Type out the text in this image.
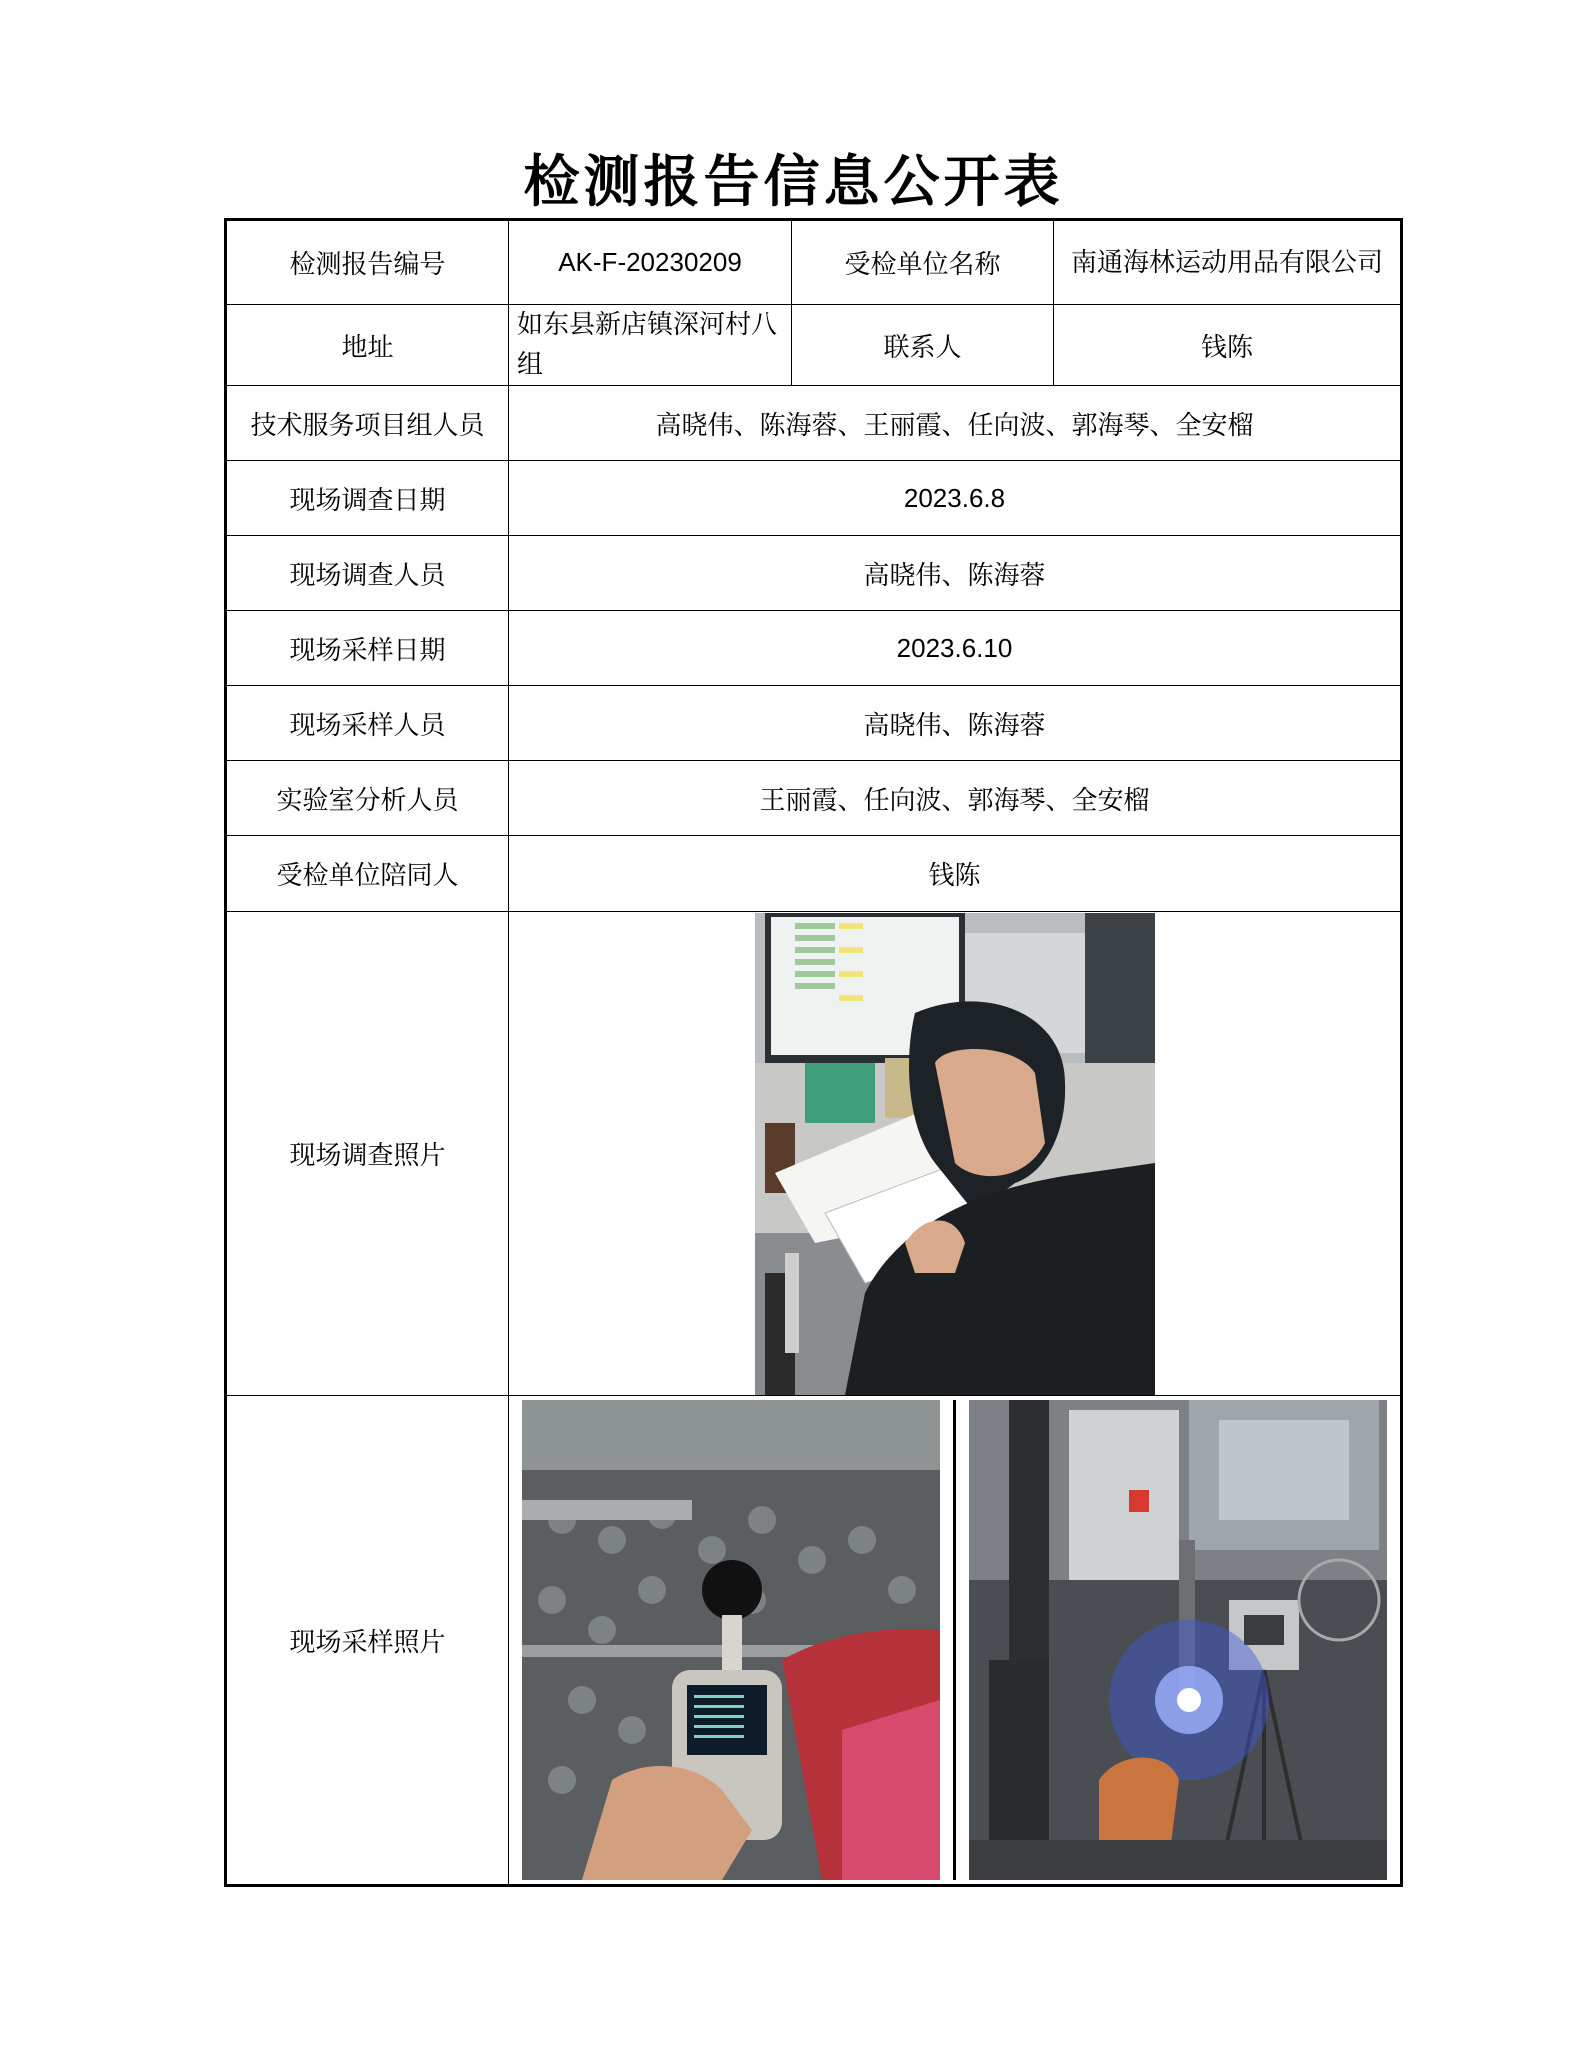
检测报告信息公开表
检测报告编号	AK-F-20230209	受检单位名称	南通海林运动用品有限公司
地址	如东县新店镇深河村八组	联系人	钱陈
技术服务项目组人员	高晓伟、陈海蓉、王丽霞、任向波、郭海琴、全安榴		
现场调查日期	2023.6.8		
现场调查人员	高晓伟、陈海蓉		
现场采样日期	2023.6.10		
现场采样人员	高晓伟、陈海蓉		
实验室分析人员	王丽霞、任向波、郭海琴、全安榴		
受检单位陪同人	钱陈		
现场调查照片	

现场采样照片	
